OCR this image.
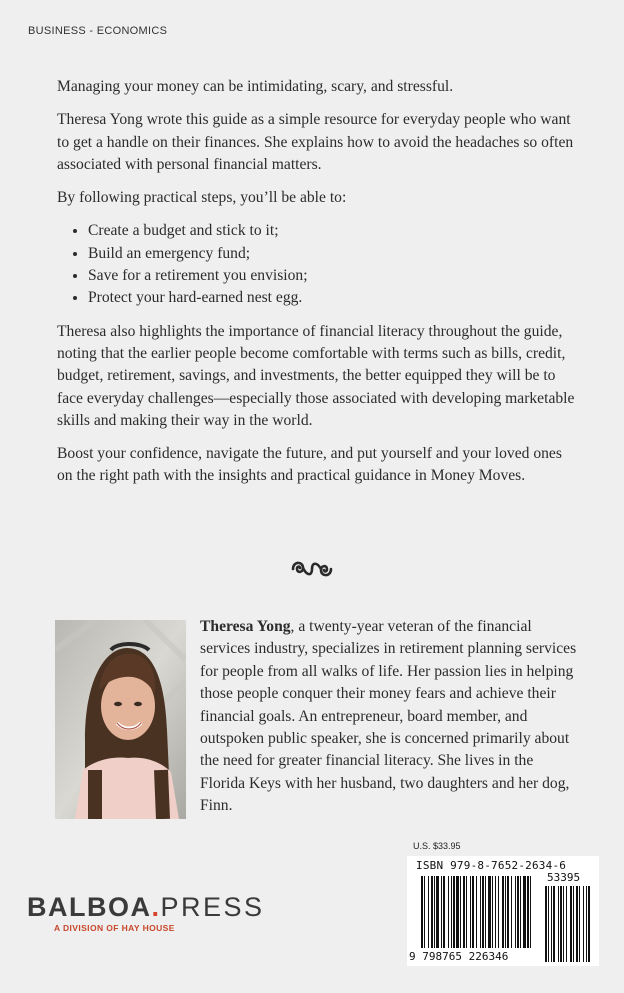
BUSINESS - ECONOMICS

Managing your money can be intimidating, scary, and stressful.

Theresa Yong wrote this guide as a simple resource for everyday people who want to get a handle on their finances. She explains how to avoid the headaches so often associated with personal financial matters.

By following practical steps, you’ll be able to:

• Create a budget and stick to it;
• Build an emergency fund;
• Save for a retirement you envision;
• Protect your hard-earned nest egg.

Theresa also highlights the importance of financial literacy throughout the guide, noting that the earlier people become comfortable with terms such as bills, credit, budget, retirement, savings, and investments, the better equipped they will be to face everyday challenges—especially those associated with developing marketable skills and making their way in the world.

Boost your confidence, navigate the future, and put yourself and your loved ones on the right path with the insights and practical guidance in Money Moves.

Theresa Yong, a twenty-year veteran of the financial services industry, specializes in retirement planning services for people from all walks of life. Her passion lies in helping those people conquer their money fears and achieve their financial goals. An entrepreneur, board member, and outspoken public speaker, she is concerned primarily about the need for greater financial literacy. She lives in the Florida Keys with her husband, two daughters and her dog, Finn.
BALBOA.PRESS
A DIVISION OF HAY HOUSE
U.S. $33.95
ISBN 979-8-7652-2634-6
53395
9 798765 226346
